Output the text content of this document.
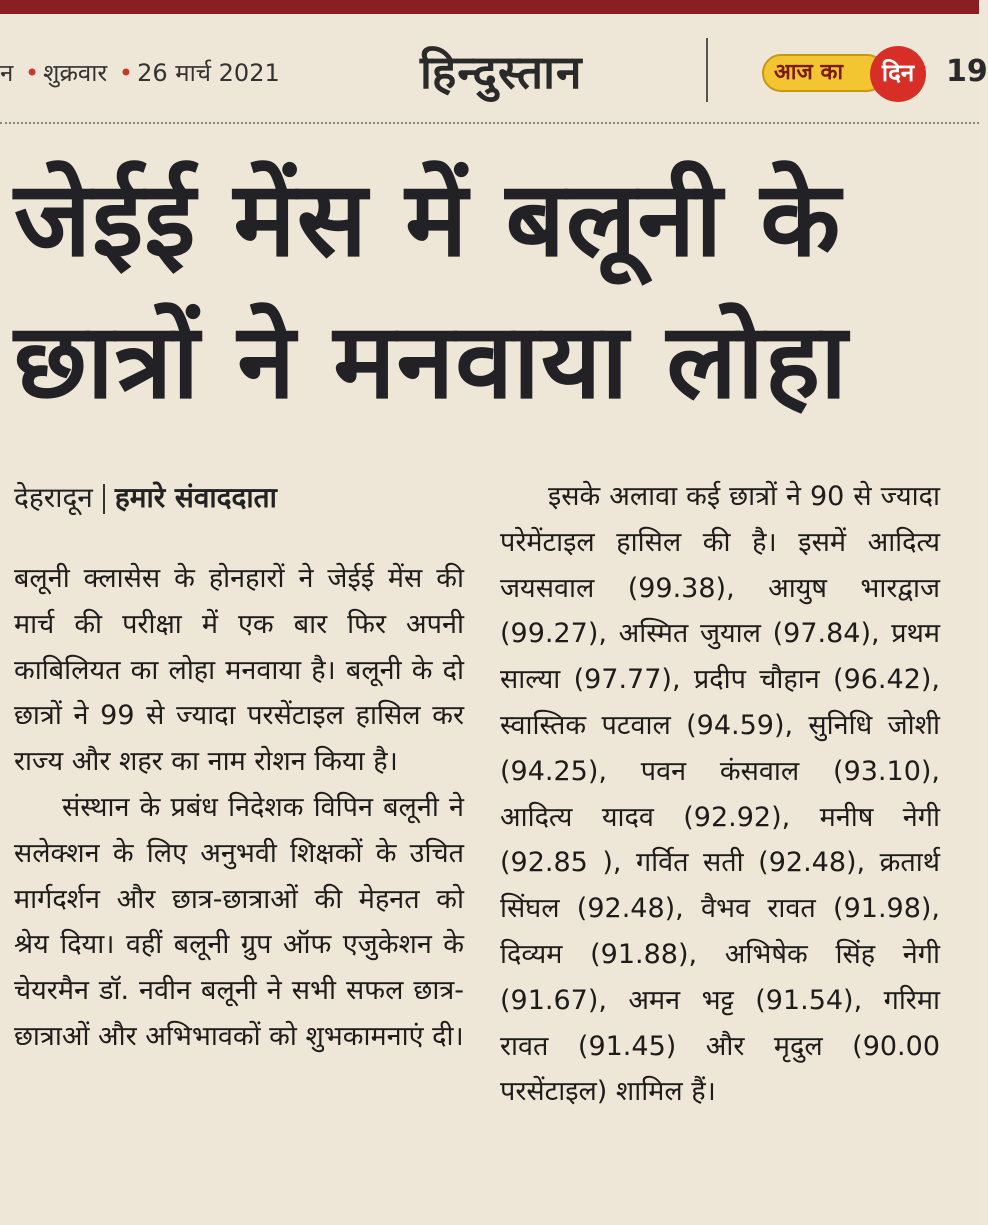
न • शुक्रवार • 26 मार्च 2021	हिन्दुस्तान	आज का	दिन	19
जेईई मेंस में बलूनी के छात्रों ने मनवाया लोहा
देहरादून हमारे संवाददाता

बलूनी क्लासेस के होनहारों ने जेईई मेंस की मार्च की परीक्षा में एक बार फिर अपनी काबिलियत का लोहा मनवाया है। बलूनी के दो छात्रों ने 99 से ज्यादा परसेंटाइल हासिल कर राज्य और शहर का नाम रोशन किया है।

संस्थान के प्रबंध निदेशक विपिन बलूनी ने सलेक्शन के लिए अनुभवी शिक्षकों के उचित मार्गदर्शन और छात्र-छात्राओं की मेहनत को श्रेय दिया। वहीं बलूनी ग्रुप ऑफ एजुकेशन के चेयरमैन डॉ. नवीन बलूनी ने सभी सफल छात्र-छात्राओं और अभिभावकों को शुभकामनाएं दी।

इसके अलावा कई छात्रों ने 90 से ज्यादा परेमेंटाइल हासिल की है। इसमें आदित्य जयसवाल (99.38), आयुष भारद्वाज (99.27), अस्मित जुयाल (97.84), प्रथम साल्या (97.77), प्रदीप चौहान (96.42), स्वास्तिक पटवाल (94.59), सुनिधि जोशी (94.25), पवन कंसवाल (93.10), आदित्य यादव (92.92), मनीष नेगी (92.85 ), गर्वित सती (92.48), क्रतार्थ सिंघल (92.48), वैभव रावत (91.98), दिव्यम (91.88), अभिषेक सिंह नेगी (91.67), अमन भट्ट (91.54), गरिमा रावत (91.45) और मृदुल (90.00 परसेंटाइल) शामिल हैं।
